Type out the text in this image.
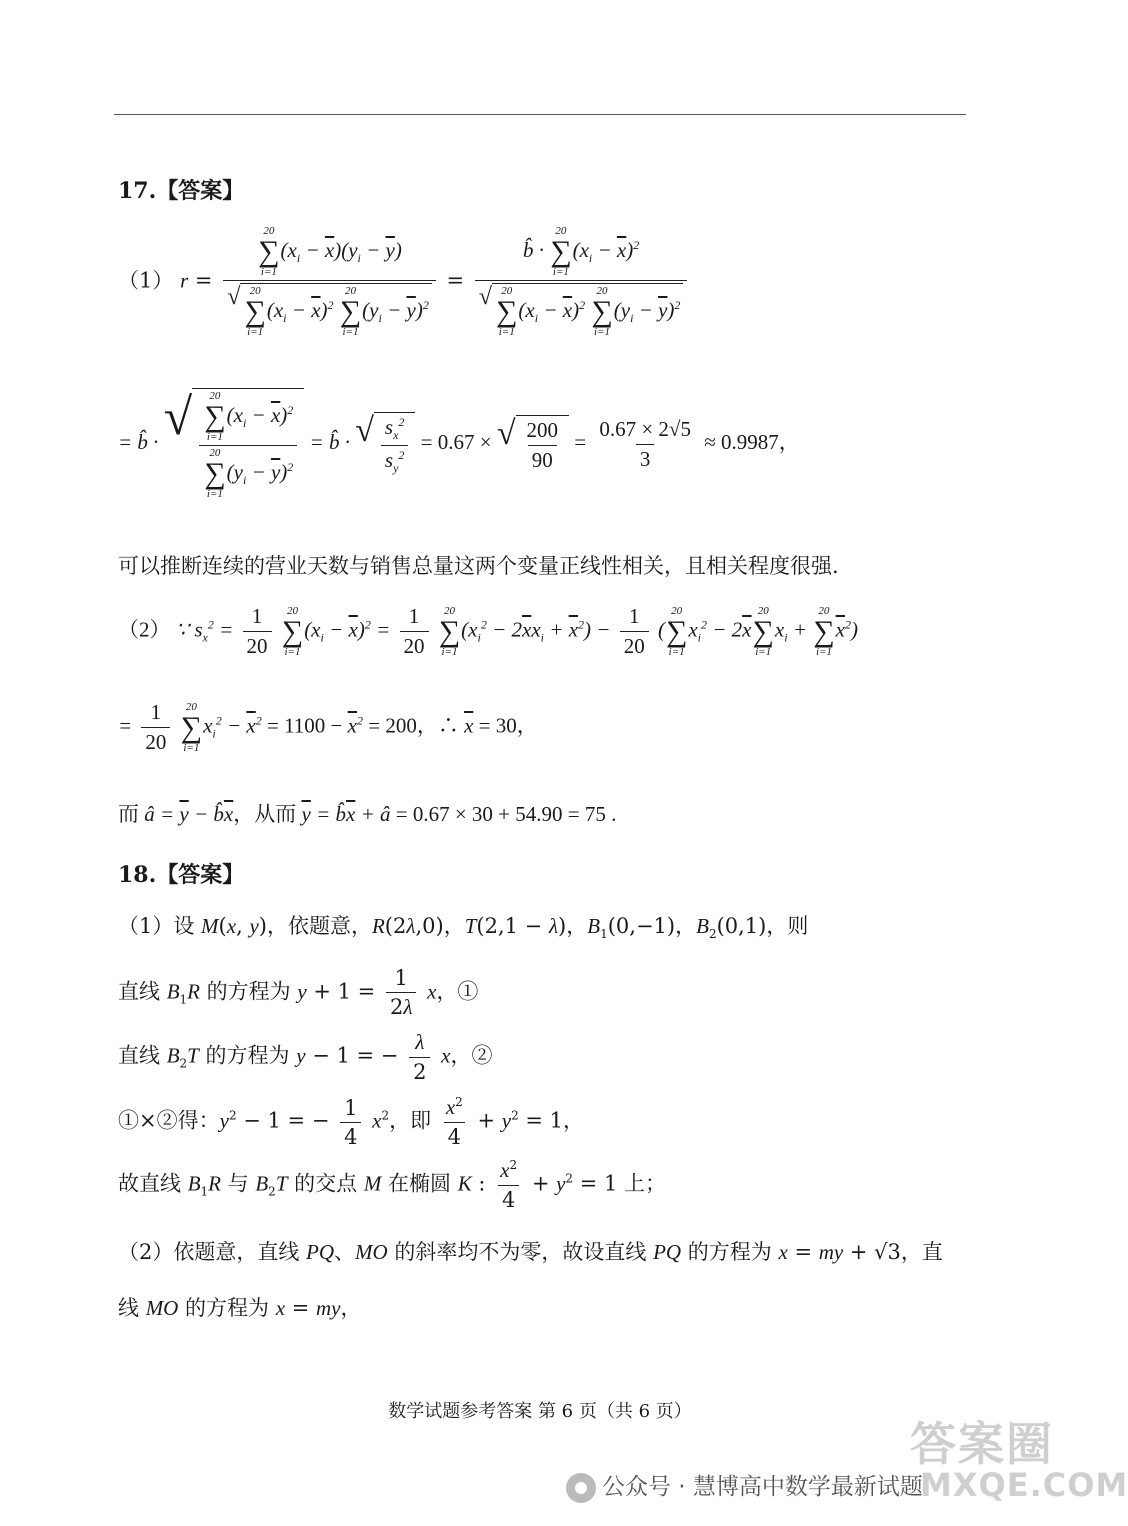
17.【答案】
（1） r = 20
∑
i=1
$(x_i - \overline{x})(y_i - \overline{y})$
√ 20
∑
i=1
$(x_i - \overline{x})^2$
20
∑
i=1
$(y_i - \overline{y})^2$ = b̂ ·
20
∑
i=1
$(x_i - \overline{x})^2$
√ 20
∑
i=1
$(x_i - \overline{x})^2$
20
∑
i=1
$(y_i - \overline{y})^2$
= b̂ · √ 20
∑
i=1
$(x_i - \overline{x})^2$
20
∑
i=1
$(y_i - \overline{y})^2$ = b̂ · √ $\frac{s_x^2}{s_y^2} = 0.67$ × √ $\frac{200}{90} = \frac{0.67 \times 2√5}{3} \approx 0.9987$，
可以推断连续的营业天数与销售总量这两个变量正线性相关，且相关程度很强.
（2） ∵ $s_x^2 = \frac{1}{20}$
20
∑
i=1
$(x_i - \overline{x})^2 = \frac{1}{20}$
20
∑
i=1
$(x_i^2 - 2\overline{x}x_i + \overline{x}^2) - \frac{1}{20}$ (
20
∑
i=1
$x_i^2 - 2\overline{x}$
20
∑
i=1
$x_i$ +
20
∑
i=1
$\overline{x}^2$)
= $\frac{1}{20}$
20
∑
i=1
$x_i^2 - \overline{x}^2 = 1100 - \overline{x}^2 = 200$，∴ $\overline{x} = 30$，
而 â = $\overline{y}$ − $b̂\overline{x}$，从而 $\overline{y}$ = $b̂\overline{x}$ + â = 0.67 × 30 + 54.90 = 75 .
18.【答案】
（1）设 M(x, y)，依题意，R(2λ,0)，T(2,1 − λ)，$B_1(0,-1)$，$B_2(0,1)$，则
直线 $B_1R$ 的方程为 $y + 1 = \frac{1}{2\lambda}$ x，①
直线 $B_2T$ 的方程为 y − 1 = − $\frac{\lambda}{2}$ x，②
①×②得：$y^2 - 1$ = − $\frac{1}{4} x^2$，即 $\frac{x^2}{4} + y^2 = 1$，
故直线 $B_1R$ 与 $B_2T$ 的交点 M 在椭圆 K : $\frac{x^2}{4} + y^2 = 1$ 上；
（2）依题意，直线 PQ、MO 的斜率均不为零，故设直线 PQ 的方程为 x = my + √3，直
线 MO 的方程为 x = my，
数学试题参考答案 第 6 页（共 6 页）
公众号 · 慧博高中数学最新试题
答案圈
MXQE.COM
